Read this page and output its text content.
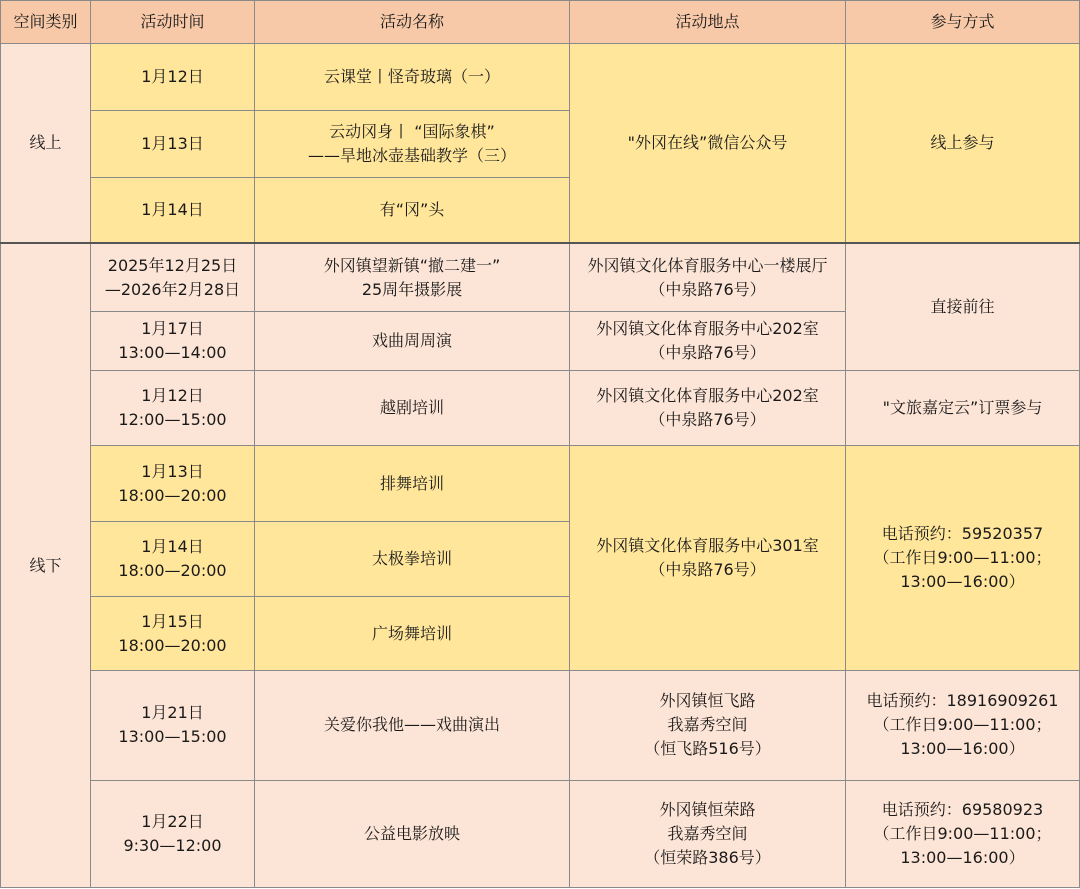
空间类别	活动时间	活动名称	活动地点	参与方式
线上	1月12日	云课堂丨怪奇玻璃（一）	"外冈在线”微信公众号	线上参与

	1月13日	云动冈身丨 “国际象棋”
——旱地冰壶基础教学（三）		

	1月14日	有“冈”头		

线下	2025年12月25日
—2026年2月28日	外冈镇望新镇“撤二建一”
25周年摄影展	外冈镇文化体育服务中心一楼展厅
（中泉路76号）	直接前往

	1月17日
13:00—14:00	戏曲周周演	外冈镇文化体育服务中心202室
（中泉路76号）	

	1月12日
12:00—15:00	越剧培训	外冈镇文化体育服务中心202室
（中泉路76号）	"文旅嘉定云”订票参与

	1月13日
18:00—20:00	排舞培训	外冈镇文化体育服务中心301室
（中泉路76号）	电话预约：59520357
（工作日9:00—11:00；
13:00—16:00）

	1月14日
18:00—20:00	太极拳培训		

	1月15日
18:00—20:00	广场舞培训		

	1月21日
13:00—15:00	关爱你我他——戏曲演出	外冈镇恒飞路
我嘉秀空间
（恒飞路516号）	电话预约：18916909261
（工作日9:00—11:00；
13:00—16:00）

	1月22日
9:30—12:00	公益电影放映	外冈镇恒荣路
我嘉秀空间
（恒荣路386号）	电话预约：69580923
（工作日9:00—11:00；
13:00—16:00）
